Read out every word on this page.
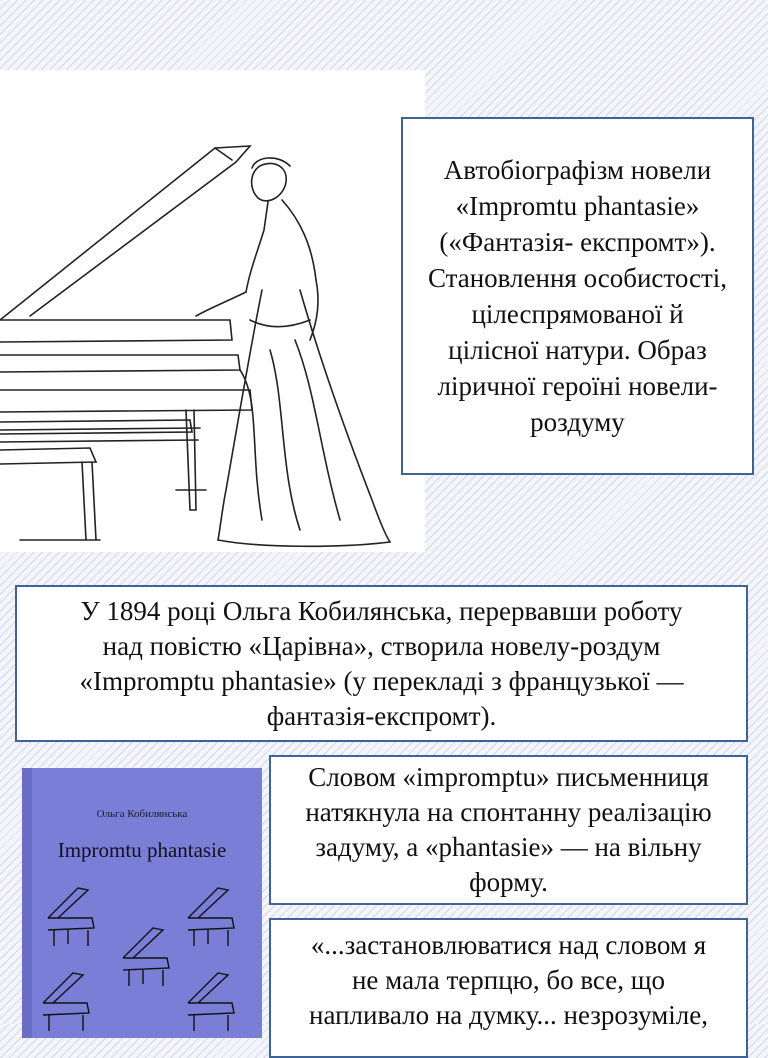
Автобіографізм новели
«Impromtu phantasie»
(«Фантазія- експромт»).
Становлення особистості,
цілеспрямованої й
цілісної натури. Образ
ліричної героїні новели-
роздуму

У 1894 році Ольга Кобилянська, перервавши роботу
над повістю «Царівна», створила новелу-роздум
«Impromptu phantasie» (у перекладі з французької —
фантазія-експромт).

Ольга Кобилянська
Impromtu phantasie

Словом «impromptu» письменниця
натякнула на спонтанну реалізацію
задуму, а «phantasie» — на вільну
форму.

«...застановлюватися над словом я
не мала терпцю, бо все, що
напливало на думку... незрозуміле,
